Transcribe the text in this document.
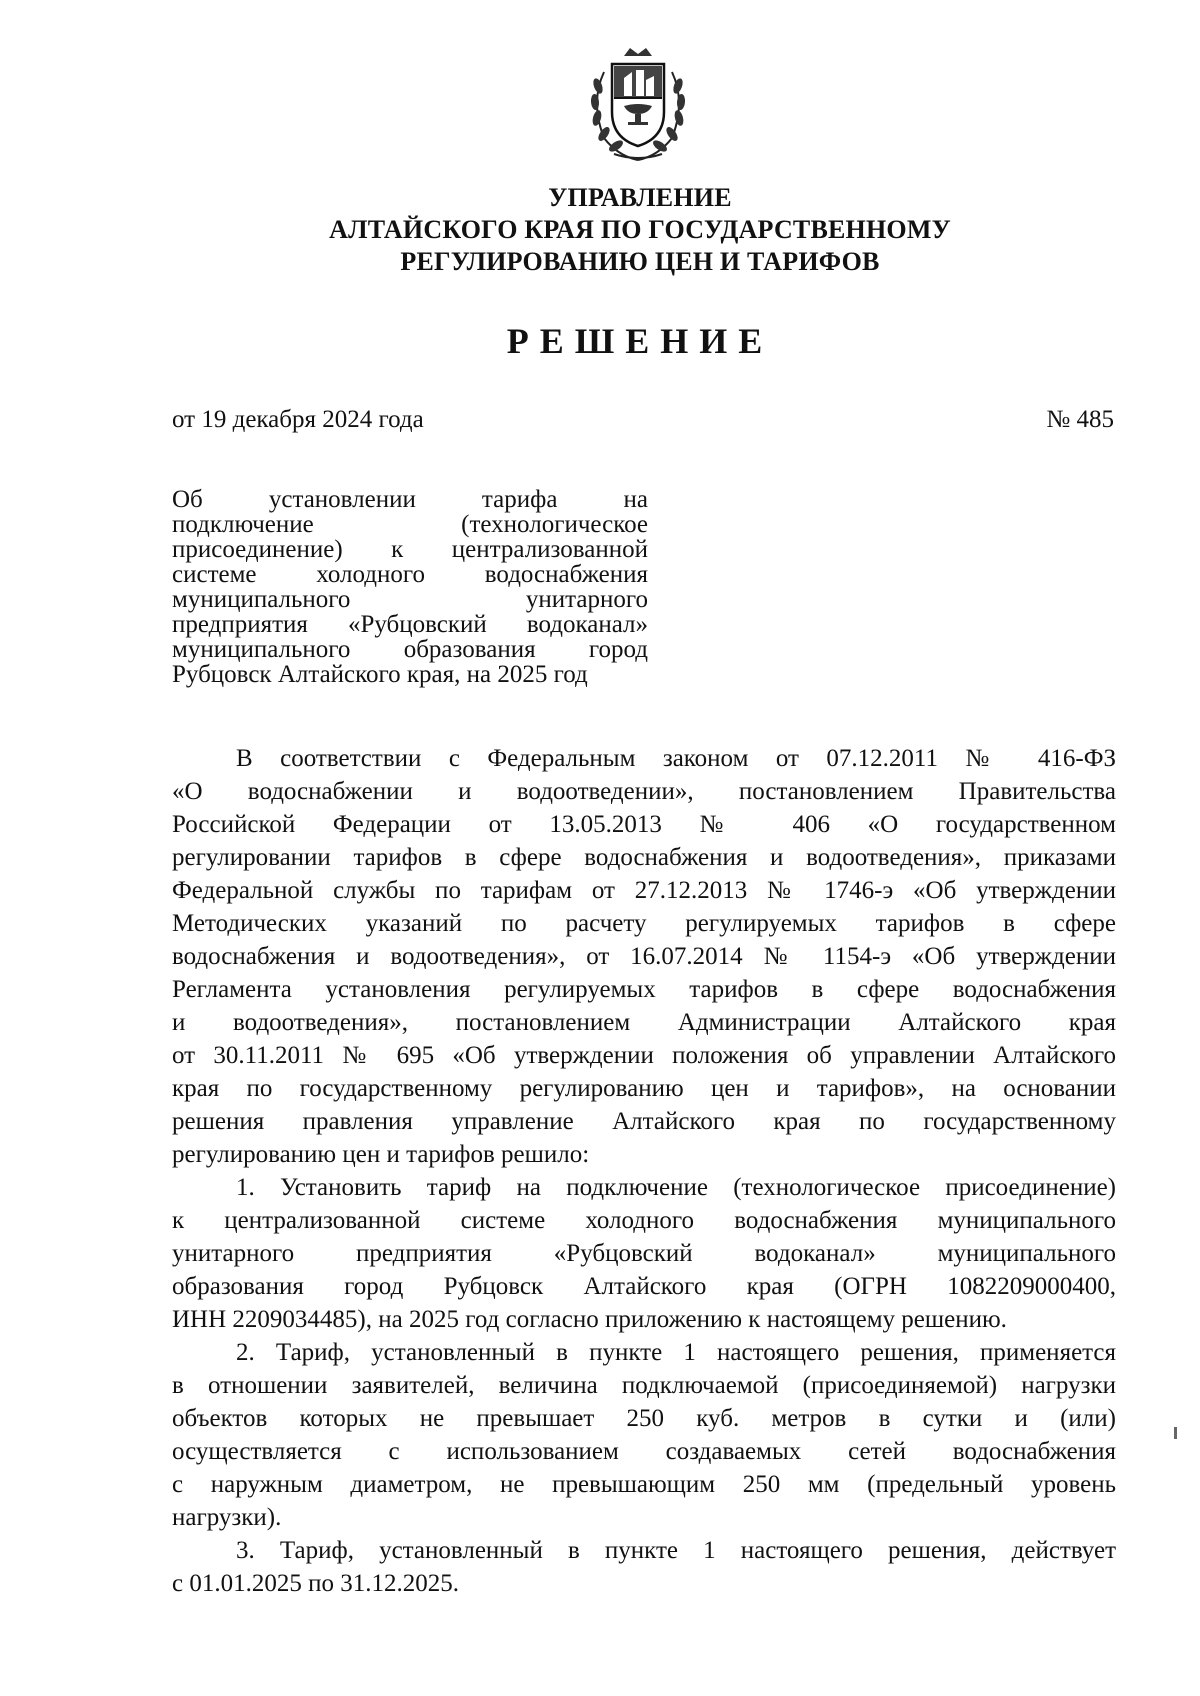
УПРАВЛЕНИЕ
АЛТАЙСКОГО КРАЯ ПО ГОСУДАРСТВЕННОМУ
РЕГУЛИРОВАНИЮ ЦЕН И ТАРИФОВ
РЕШЕНИЕ
от 19 декабря 2024 года	№ 485
Об установлении тарифа на
подключение (технологическое
присоединение) к централизованной
системе холодного водоснабжения
муниципального унитарного
предприятия «Рубцовский водоканал»
муниципального образования город
Рубцовск Алтайского края, на 2025 год
В соответствии с Федеральным законом от 07.12.2011 № 416-ФЗ
«О водоснабжении и водоотведении», постановлением Правительства
Российской Федерации от 13.05.2013 № 406 «О государственном
регулировании тарифов в сфере водоснабжения и водоотведения», приказами
Федеральной службы по тарифам от 27.12.2013 № 1746-э «Об утверждении
Методических указаний по расчету регулируемых тарифов в сфере
водоснабжения и водоотведения», от 16.07.2014 № 1154-э «Об утверждении
Регламента установления регулируемых тарифов в сфере водоснабжения
и водоотведения», постановлением Администрации Алтайского края
от 30.11.2011 № 695 «Об утверждении положения об управлении Алтайского
края по государственному регулированию цен и тарифов», на основании
решения правления управление Алтайского края по государственному
регулированию цен и тарифов решило:
1. Установить тариф на подключение (технологическое присоединение)
к централизованной системе холодного водоснабжения муниципального
унитарного предприятия «Рубцовский водоканал» муниципального
образования город Рубцовск Алтайского края (ОГРН 1082209000400,
ИНН 2209034485), на 2025 год согласно приложению к настоящему решению.
2. Тариф, установленный в пункте 1 настоящего решения, применяется
в отношении заявителей, величина подключаемой (присоединяемой) нагрузки
объектов которых не превышает 250 куб. метров в сутки и (или)
осуществляется с использованием создаваемых сетей водоснабжения
с наружным диаметром, не превышающим 250 мм (предельный уровень
нагрузки).
3. Тариф, установленный в пункте 1 настоящего решения, действует
с 01.01.2025 по 31.12.2025.
